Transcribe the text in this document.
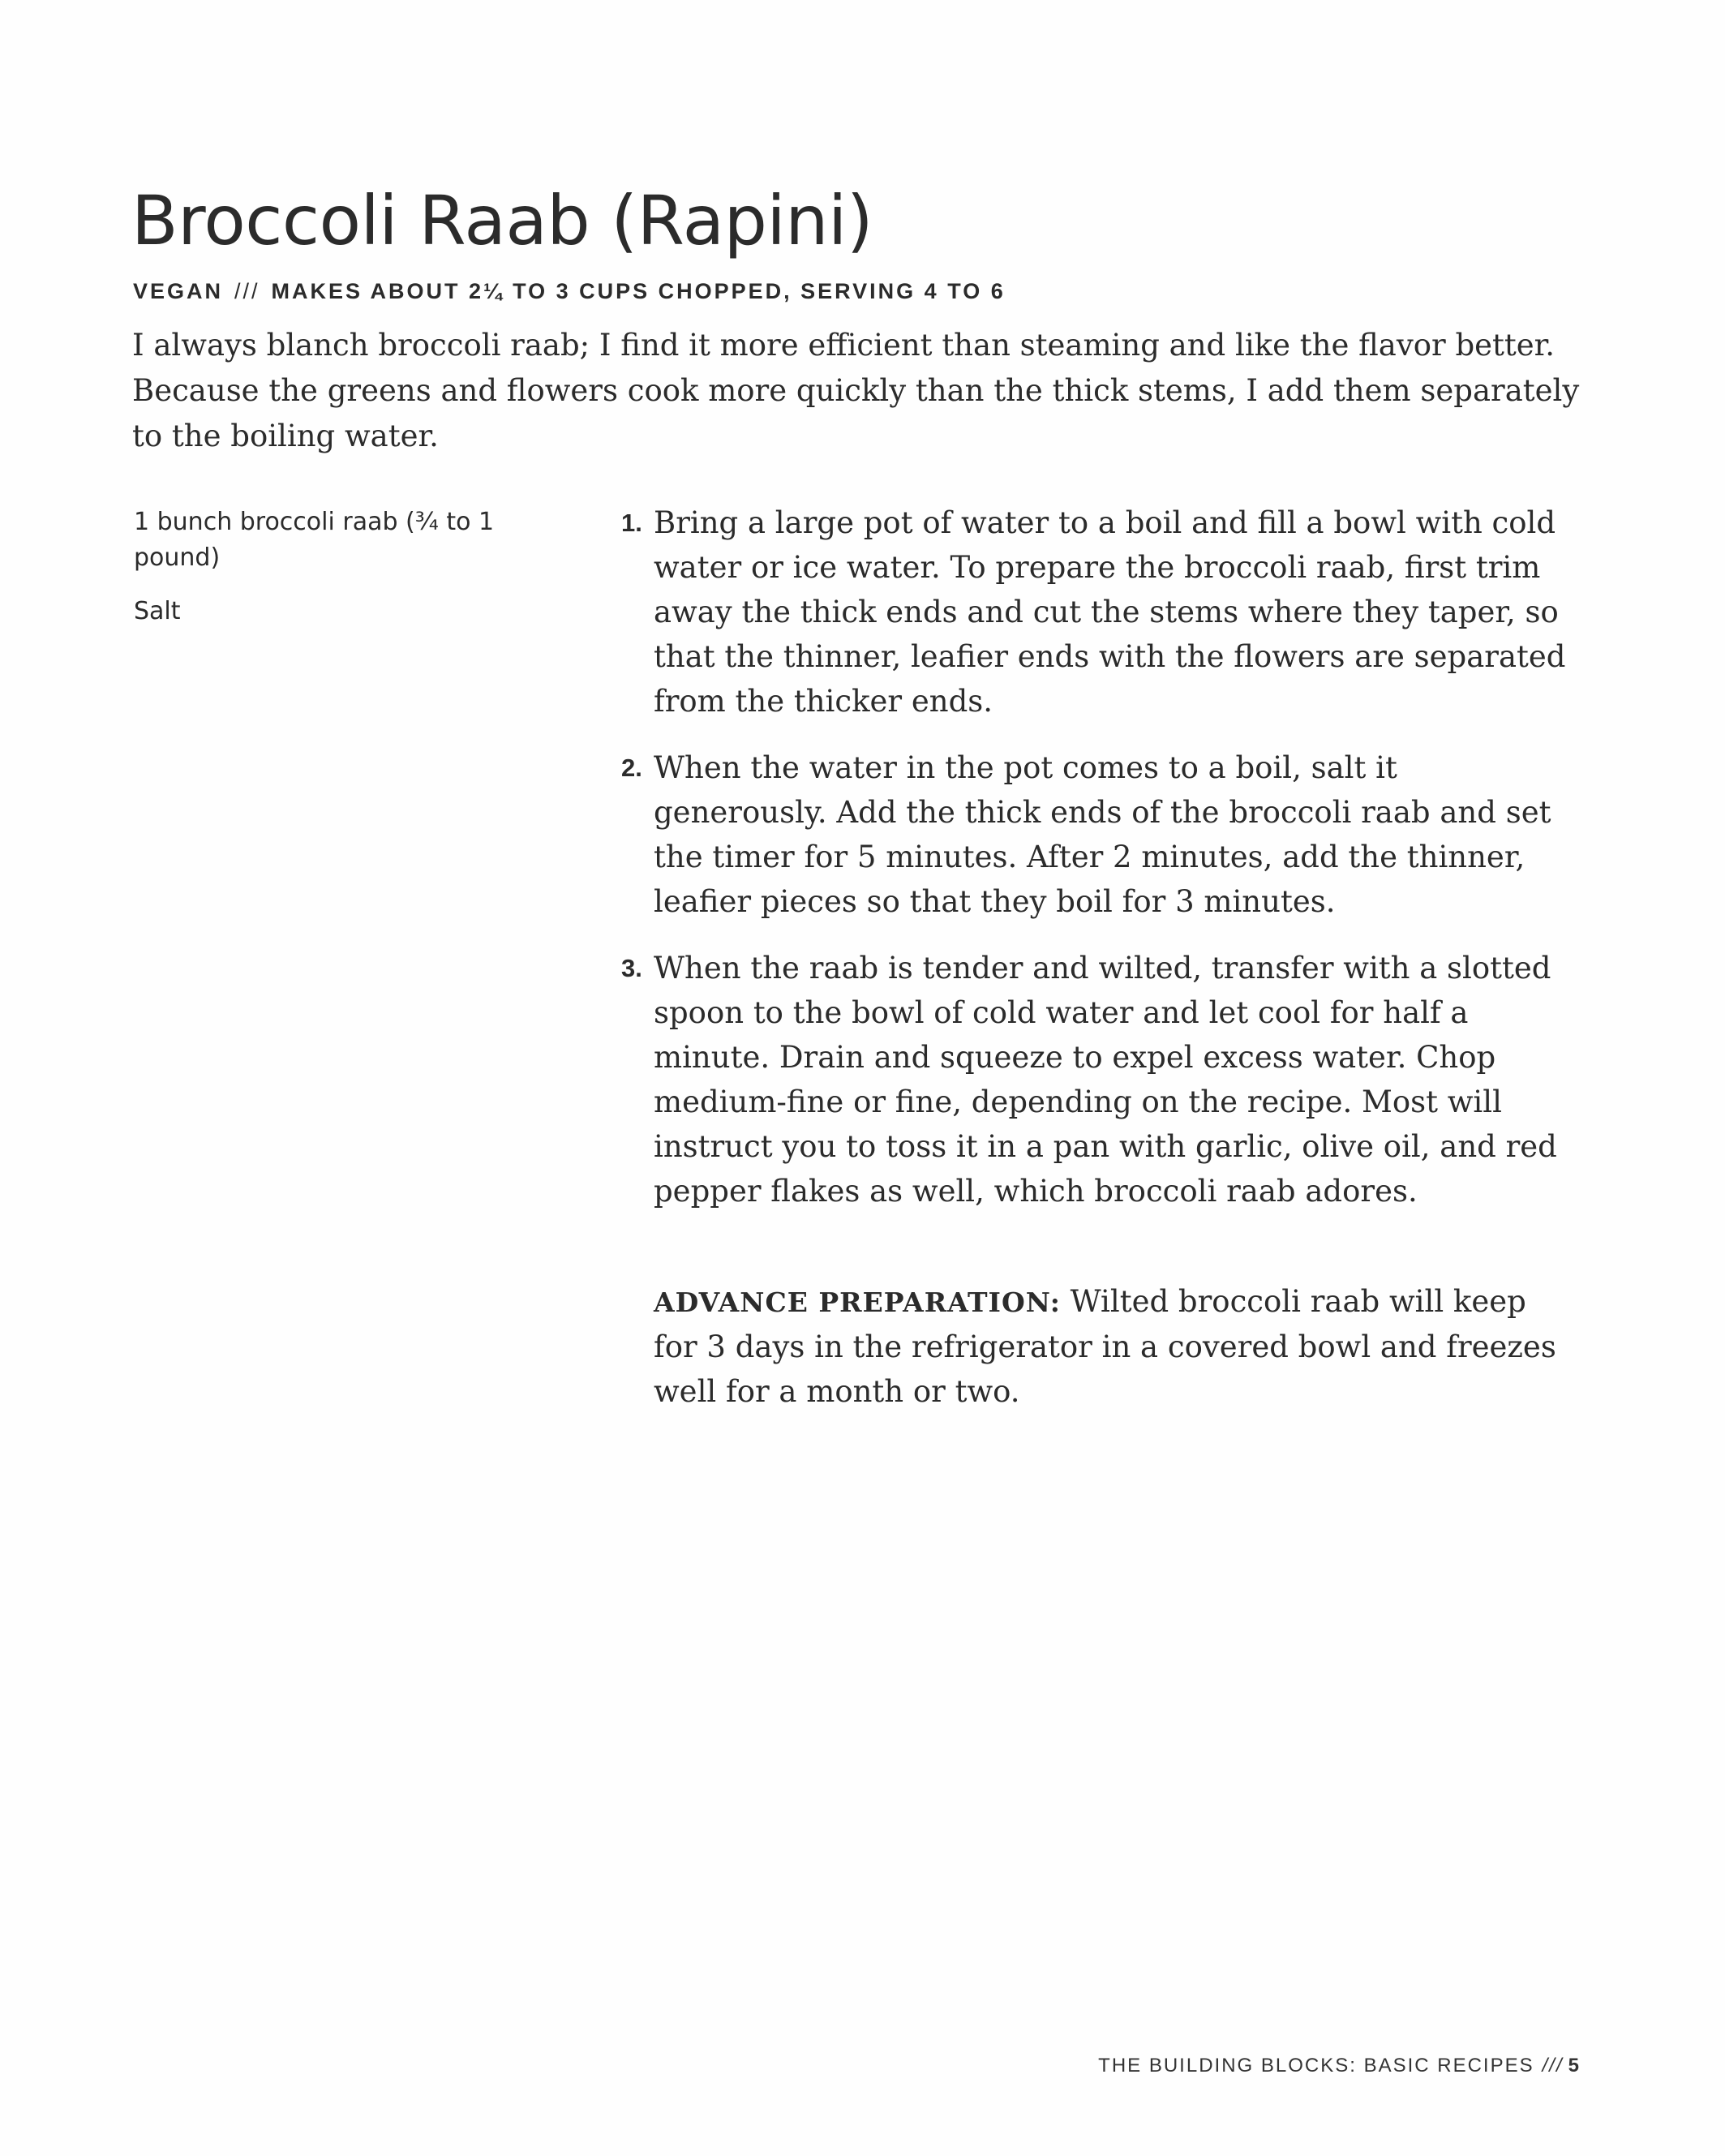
Broccoli Raab (Rapini)
VEGAN /// MAKES ABOUT 2¼ TO 3 CUPS CHOPPED, SERVING 4 TO 6

I always blanch broccoli raab; I find it more efficient than steaming and like the flavor better. Because the greens and flowers cook more quickly than the thick stems, I add them separately to the boiling water.

1 bunch broccoli raab (¾ to 1 pound)
Salt
1. Bring a large pot of water to a boil and fill a bowl with cold water or ice water. To prepare the broccoli raab, first trim away the thick ends and cut the stems where they taper, so that the thinner, leafier ends with the flowers are separated from the thicker ends.
2. When the water in the pot comes to a boil, salt it generously. Add the thick ends of the broccoli raab and set the timer for 5 minutes. After 2 minutes, add the thinner, leafier pieces so that they boil for 3 minutes.
3. When the raab is tender and wilted, transfer with a slotted spoon to the bowl of cold water and let cool for half a minute. Drain and squeeze to expel excess water. Chop medium-fine or fine, depending on the recipe. Most will instruct you to toss it in a pan with garlic, olive oil, and red pepper flakes as well, which broccoli raab adores.

ADVANCE PREPARATION: Wilted broccoli raab will keep for 3 days in the refrigerator in a covered bowl and freezes well for a month or two.

THE BUILDING BLOCKS: BASIC RECIPES /// 5
